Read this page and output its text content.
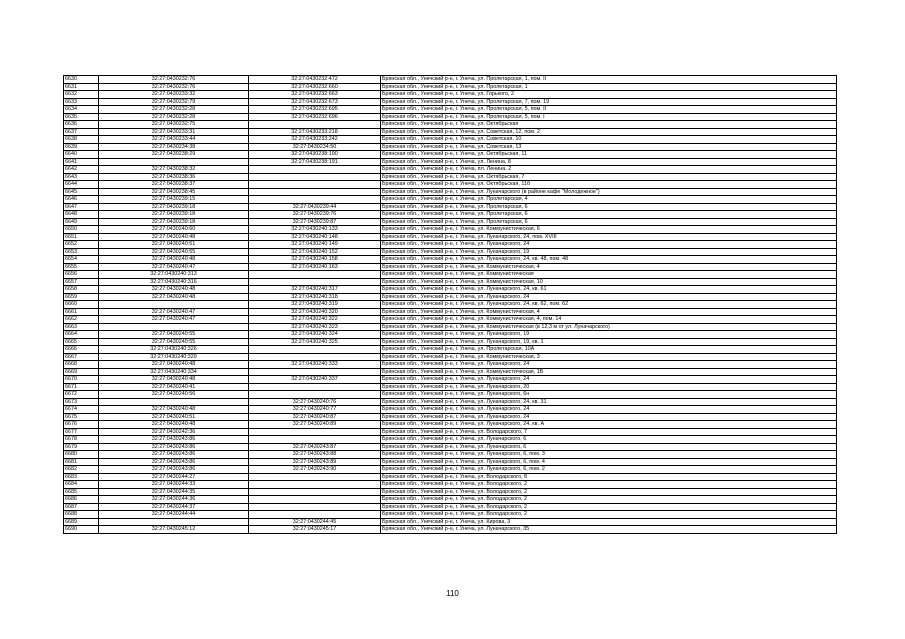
6630	32:27:0430232:76	32:27:0430232:472	Брянская обл., Унечский р-н, г. Унеча, ул. Пролетарская, 1, пом. II
6631	32:27:0430232:76	32:27:0430232:660	Брянская обл., Унечский р-н, г. Унеча, ул. Пролетарская, 1
6632	32:27:0430233:32	32:27:0430232:663	Брянская обл., Унечский р-н, г. Унеча, ул. Горького, 2
6633	32:27:0430232:79	32:27:0430232:673	Брянская обл., Унечский р-н, г. Унеча, ул. Пролетарская, 7, пом. 19
6634	32:27:0430232:28	32:27:0430232:695	Брянская обл., Унечский р-н, г. Унеча, ул. Пролетарская, 5, пом. II
6635	32:27:0430232:28	32:27:0430232:696	Брянская обл., Унечский р-н, г. Унеча, ул. Пролетарская, 5, пом. I
6636	32:27:0430232:75		Брянская обл., Унечский р-н, г. Унеча, ул. Октябрьская
6637	32:27:0430233:31	32:27:0430233:218	Брянская обл., Унечский р-н, г. Унеча, ул. Советская, 12, пом. 2
6638	32:27:0430233:44	32:27:0430233:242	Брянская обл., Унечский р-н, г. Унеча, ул. Советская, 10
6639	32:27:0430234:38	32:27:0430234:50	Брянская обл., Унечский р-н, г. Унеча, ул. Советская, 13
6640	32:27:0430238:29	32:27:0430238:190	Брянская обл., Унечский р-н, г. Унеча, ул. Октябрьская, 11
6641		32:27:0430238:191	Брянская обл., Унечский р-н, г. Унеча, ул. Ленина, 8
6642	32:27:0430238:32		Брянская обл., Унечский р-н, г. Унеча, пл. Ленина, 2
6643	32:27:0430238:36		Брянская обл., Унечский р-н, г. Унеча, ул. Октябрьская, 7
6644	32:27:0430238:37		Брянская обл., Унечский р-н, г. Унеча, ул. Октябрьская, 11б
6645	32:27:0430238:45		Брянская обл., Унечский р-н, г. Унеча, ул. Луначарского (в районе кафе "Молодежное")
6646	32:27:0430239:15		Брянская обл., Унечский р-н, г. Унеча, ул. Пролетарская, 4
6647	32:27:0430239:18	32:27:0430239:44	Брянская обл., Унечский р-н, г. Унеча, ул. Пролетарская, 6
6648	32:27:0430239:18	32:27:0430239:76	Брянская обл., Унечский р-н, г. Унеча, ул. Пролетарская, 6
6649	32:27:0430239:18	32:27:0430239:87	Брянская обл., Унечский р-н, г. Унеча, ул. Пролетарская, 6
6650	32:27:0430240:60	32:27:0430240:133	Брянская обл., Унечский р-н, г. Унеча, ул. Коммунистическая, 6
6651	32:27:0430240:48	32:27:0430240:148	Брянская обл., Унечский р-н, г. Унеча, ул. Луначарского, 24, пом. XVIII
6652	32:27:0430240:51	32:27:0430240:149	Брянская обл., Унечский р-н, г. Унеча, ул. Луначарского, 24
6653	32:27:0430240:55	32:27:0430240:152	Брянская обл., Унечский р-н, г. Унеча, ул. Луначарского, 19
6654	32:27:0430240:48	32:27:0430240:158	Брянская обл., Унечский р-н, г. Унеча, ул. Луначарского, 24, кв. 48, пом. 48
6655	32:27:0430240:47	32:27:0430240:163	Брянская обл., Унечский р-н, г. Унеча, ул. Коммунистическая, 4
6656	32:27:0430240:313		Брянская обл., Унечский р-н, г. Унеча, ул. Коммунистическая
6657	32:27:0430240:316		Брянская обл., Унечский р-н, г. Унеча, ул. Коммунистическая, 10
6658	32:27:0430240:48	32:27:0430240:317	Брянская обл., Унечский р-н, г. Унеча, ул. Луначарского, 24, кв. 61
6659	32:27:0430240:48	32:27:0430240:318	Брянская обл., Унечский р-н, г. Унеча, ул. Луначарского, 24
6660		32:27:0430240:319	Брянская обл., Унечский р-н, г. Унеча, ул. Луначарского, 24, кв. 62, пом. 62
6661	32:27:0430240:47	32:27:0430240:320	Брянская обл., Унечский р-н, г. Унеча, ул. Коммунистическая, 4
6662	32:27:0430240:47	32:27:0430240:322	Брянская обл., Унечский р-н, г. Унеча, ул. Коммунистическая, 4, пом. 14
6663		32:27:0430240:323	Брянская обл., Унечский р-н, г. Унеча, ул. Коммунистическая (в 12,3 м от ул. Луначарского)
6664	32:27:0430240:55	32:27:0430240:324	Брянская обл., Унечский р-н, г. Унеча, ул. Луначарского, 19
6665	32:27:0430240:55	32:27:0430240:325	Брянская обл., Унечский р-н, г. Унеча, ул. Луначарского, 19, кв. 1
6666	32:27:0430240:326		Брянская обл., Унечский р-н, г. Унеча, ул. Пролетарская, 10А
6667	32:27:0430240:329		Брянская обл., Унечский р-н, г. Унеча, ул. Коммунистическая, 3
6668	32:27:0430240:48	32:27:0430240:333	Брянская обл., Унечский р-н, г. Унеча, ул. Луначарского, 24
6669	32:27:0430240:334		Брянская обл., Унечский р-н, г. Унеча, ул. Коммунистическая, 1Б
6670	32:27:0430240:48	32:27:0430240:337	Брянская обл., Унечский р-н, г. Унеча, ул. Луначарского, 24
6671	32:27:0430240:41		Брянская обл., Унечский р-н, г. Унеча, ул. Луначарского, 20
6672	32:27:0430240:56		Брянская обл., Унечский р-н, г. Унеча, ул. Луначарского, 6н
6673		32:27:0430240:76	Брянская обл., Унечский р-н, г. Унеча, ул. Луначарского, 24, кв. 31
6674	32:27:0430240:48	32:27:0430240:77	Брянская обл., Унечский р-н, г. Унеча, ул. Луначарского, 24
6675	32:27:0430240:51	32:27:0430240:87	Брянская обл., Унечский р-н, г. Унеча, ул. Луначарского, 24
6676	32:27:0430240:48	32:27:0430240:89	Брянская обл., Унечский р-н, г. Унеча, ул. Луначарского, 24, кв. А
6677	32:27:0430242:36		Брянская обл., Унечский р-н, г. Унеча, ул. Володарского, 7
6678	32:27:0430243:86		Брянская обл., Унечский р-н, г. Унеча, ул. Луначарского, 6
6679	32:27:0430243:86	32:27:0430243:87	Брянская обл., Унечский р-н, г. Унеча, ул. Луначарского, 6
6680	32:27:0430243:86	32:27:0430243:88	Брянская обл., Унечский р-н, г. Унеча, ул. Луначарского, 6, пом. 3
6681	32:27:0430243:86	32:27:0430243:89	Брянская обл., Унечский р-н, г. Унеча, ул. Луначарского, 6, пом. 4
6682	32:27:0430243:86	32:27:0430243:90	Брянская обл., Унечский р-н, г. Унеча, ул. Луначарского, 6, пом. 2
6683	32:27:0430244:27		Брянская обл., Унечский р-н, г. Унеча, ул. Володарского, 8
6684	32:27:0430244:33		Брянская обл., Унечский р-н, г. Унеча, ул. Володарского, 2
6685	32:27:0430244:35		Брянская обл., Унечский р-н, г. Унеча, ул. Володарского, 2
6686	32:27:0430244:36		Брянская обл., Унечский р-н, г. Унеча, ул. Володарского, 2
6687	32:27:0430244:37		Брянская обл., Унечский р-н, г. Унеча, ул. Володарского, 2
6688	32:27:0430244:44		Брянская обл., Унечский р-н, г. Унеча, ул. Володарского, 2
6689		32:27:0430244:45	Брянская обл., Унечский р-н, г. Унеча, ул. Кирова, 3
6690	32:27:0430245:12	32:27:0430245:17	Брянская обл., Унечский р-н, г. Унеча, ул. Луначарского, 35
110
